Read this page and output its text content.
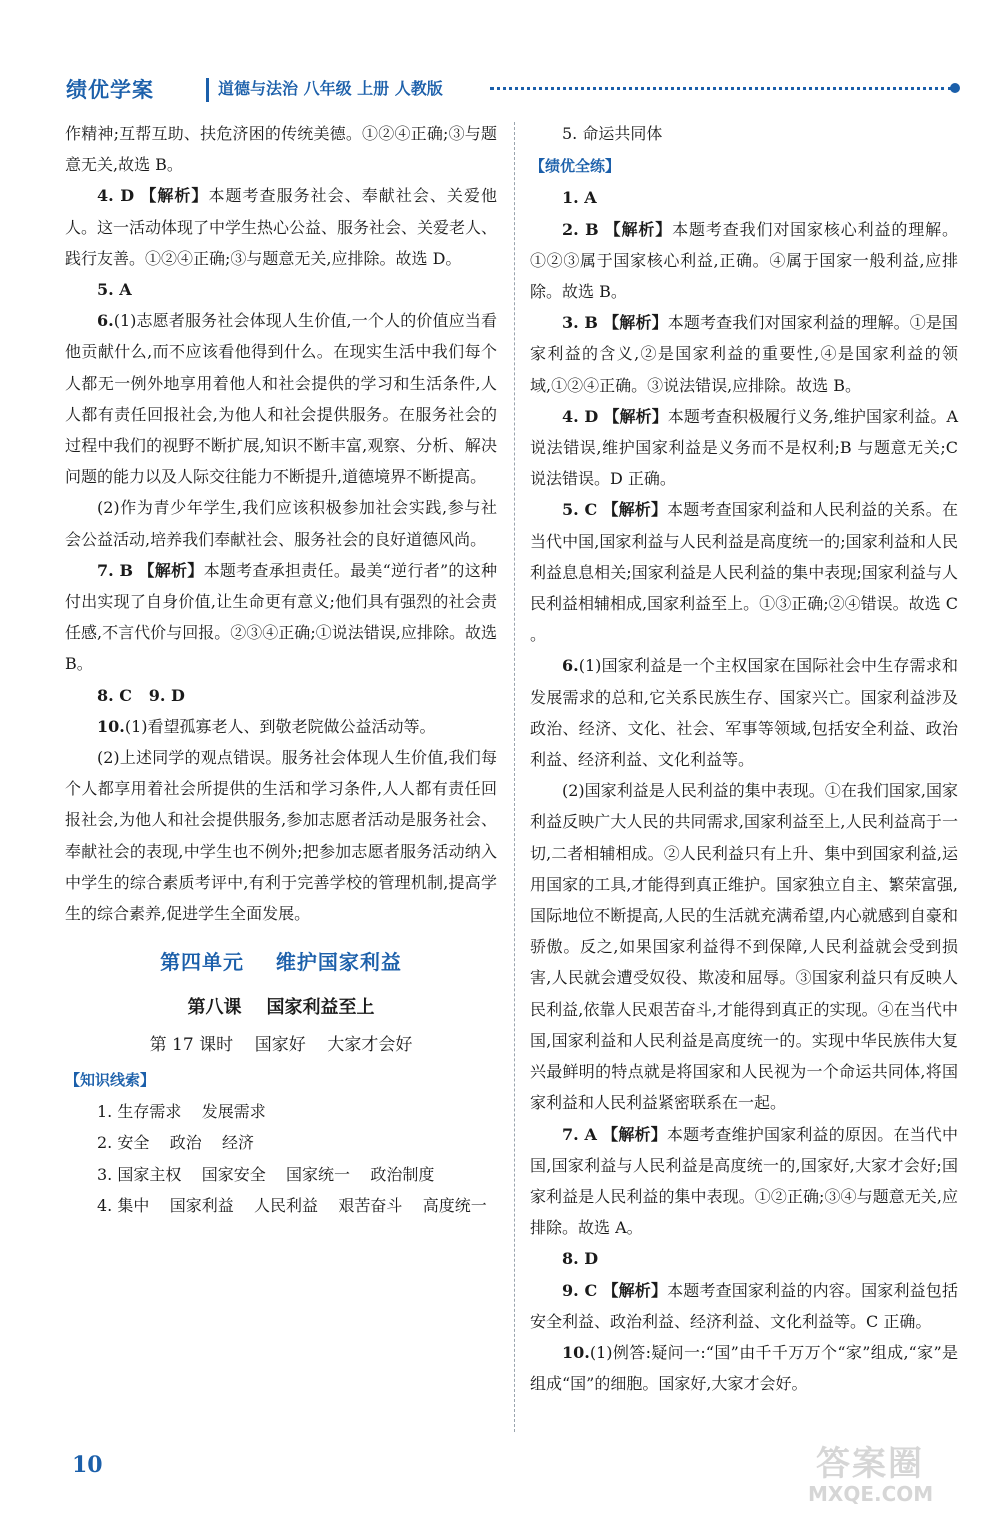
绩优学案	道德与法治 八年级 上册 人教版

作精神;互帮互助、扶危济困的传统美德。①②④正确;③与题意无关,故选 B。

4. D 【解析】本题考查服务社会、奉献社会、关爱他人。这一活动体现了中学生热心公益、服务社会、关爱老人、践行友善。①②④正确;③与题意无关,应排除。故选 D。

5. A

6.(1)志愿者服务社会体现人生价值,一个人的价值应当看他贡献什么,而不应该看他得到什么。在现实生活中我们每个人都无一例外地享用着他人和社会提供的学习和生活条件,人人都有责任回报社会,为他人和社会提供服务。在服务社会的过程中我们的视野不断扩展,知识不断丰富,观察、分析、解决问题的能力以及人际交往能力不断提升,道德境界不断提高。

(2)作为青少年学生,我们应该积极参加社会实践,参与社会公益活动,培养我们奉献社会、服务社会的良好道德风尚。

7. B 【解析】本题考查承担责任。最美“逆行者”的这种付出实现了自身价值,让生命更有意义;他们具有强烈的社会责任感,不言代价与回报。②③④正确;①说法错误,应排除。故选 B。

8. C   9. D

10.(1)看望孤寡老人、到敬老院做公益活动等。

(2)上述同学的观点错误。服务社会体现人生价值,我们每个人都享用着社会所提供的生活和学习条件,人人都有责任回报社会,为他人和社会提供服务,参加志愿者活动是服务社会、奉献社会的表现,中学生也不例外;把参加志愿者服务活动纳入中学生的综合素质考评中,有利于完善学校的管理机制,提高学生的综合素养,促进学生全面发展。

第四单元    维护国家利益
第八课    国家利益至上
第 17 课时    国家好    大家才会好
【知识线索】

1. 生存需求    发展需求

2. 安全    政治    经济

3. 国家主权    国家安全    国家统一    政治制度

4. 集中    国家利益    人民利益    艰苦奋斗    高度统一

5. 命运共同体

【绩优全练】

1. A

2. B 【解析】本题考查我们对国家核心利益的理解。①②③属于国家核心利益,正确。④属于国家一般利益,应排除。故选 B。

3. B 【解析】本题考查我们对国家利益的理解。①是国家利益的含义,②是国家利益的重要性,④是国家利益的领域,①②④正确。③说法错误,应排除。故选 B。

4. D 【解析】本题考查积极履行义务,维护国家利益。A 说法错误,维护国家利益是义务而不是权利;B 与题意无关;C 说法错误。D 正确。

5. C 【解析】本题考查国家利益和人民利益的关系。在当代中国,国家利益与人民利益是高度统一的;国家利益和人民利益息息相关;国家利益是人民利益的集中表现;国家利益与人民利益相辅相成,国家利益至上。①③正确;②④错误。故选 C 。

6.(1)国家利益是一个主权国家在国际社会中生存需求和发展需求的总和,它关系民族生存、国家兴亡。国家利益涉及政治、经济、文化、社会、军事等领域,包括安全利益、政治利益、经济利益、文化利益等。

(2)国家利益是人民利益的集中表现。①在我们国家,国家利益反映广大人民的共同需求,国家利益至上,人民利益高于一切,二者相辅相成。②人民利益只有上升、集中到国家利益,运用国家的工具,才能得到真正维护。国家独立自主、繁荣富强,国际地位不断提高,人民的生活就充满希望,内心就感到自豪和骄傲。反之,如果国家利益得不到保障,人民利益就会受到损害,人民就会遭受奴役、欺凌和屈辱。③国家利益只有反映人民利益,依靠人民艰苦奋斗,才能得到真正的实现。④在当代中国,国家利益和人民利益是高度统一的。实现中华民族伟大复兴最鲜明的特点就是将国家和人民视为一个命运共同体,将国家利益和人民利益紧密联系在一起。

7. A 【解析】本题考查维护国家利益的原因。在当代中国,国家利益与人民利益是高度统一的,国家好,大家才会好;国家利益是人民利益的集中表现。①②正确;③④与题意无关,应排除。故选 A。

8. D

9. C 【解析】本题考查国家利益的内容。国家利益包括安全利益、政治利益、经济利益、文化利益等。C 正确。

10.(1)例答:疑问一:“国”由千千万万个“家”组成,“家”是组成“国”的细胞。国家好,大家才会好。

10	答案圈
MXQE.COM
